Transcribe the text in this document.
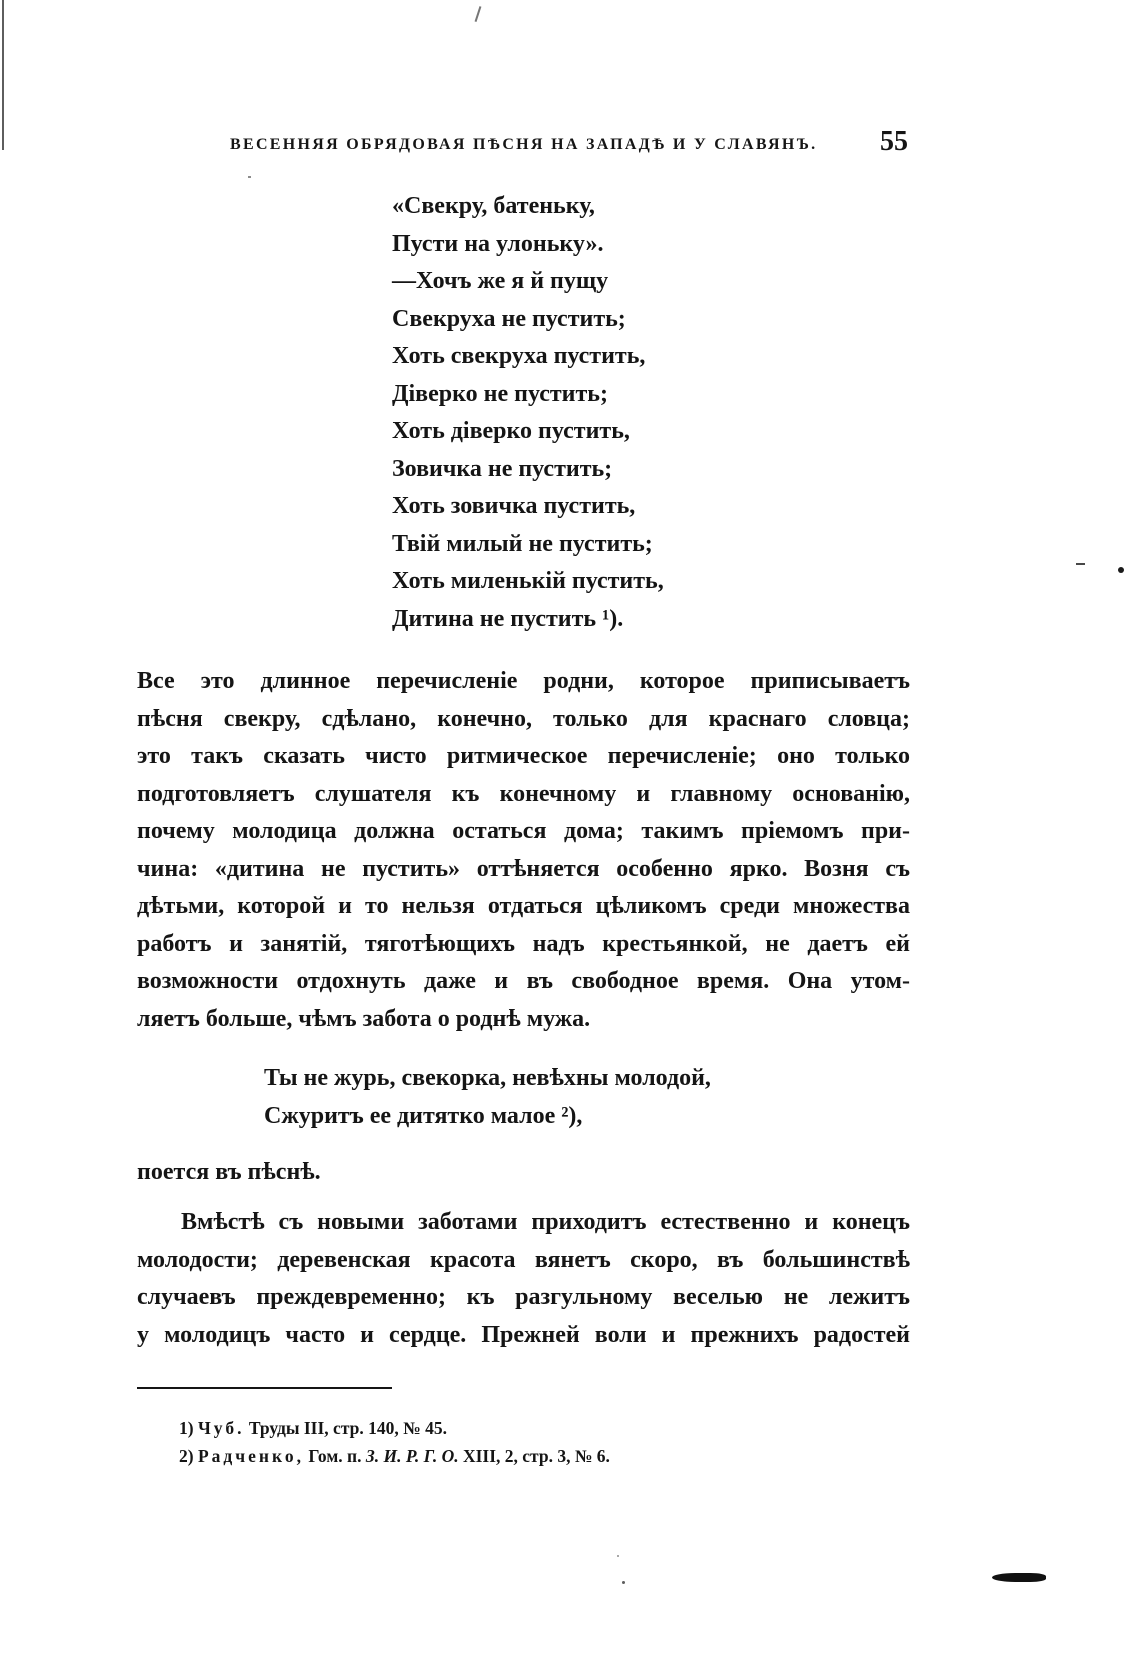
ВЕСЕННЯЯ ОБРЯДОВАЯ ПѢСНЯ НА ЗАПАДѢ И У СЛАВЯНЪ. 55
«Свекру, батеньку,
Пусти на улоньку».
—Хочъ же я й пущу
Свекруха не пустить;
Хоть свекруха пустить,
Діверко не пустить;
Хоть діверко пустить,
Зовичка не пустить;
Хоть зовичка пустить,
Твій милый не пустить;
Хоть миленькій пустить,
Дитина не пустить ¹).
Все это длинное перечисленіе родни, которое приписываетъ
пѣсня свекру, сдѣлано, конечно, только для краснаго словца;
это такъ сказать чисто ритмическое перечисленіе; оно только
подготовляетъ слушателя къ конечному и главному основанію,
почему молодица должна остаться дома; такимъ пріемомъ при-
чина: «дитина не пустить» оттѣняется особенно ярко. Возня съ
дѣтьми, которой и то нельзя отдаться цѣликомъ среди множества
работъ и занятій, тяготѣющихъ надъ крестьянкой, не даетъ ей
возможности отдохнуть даже и въ свободное время. Она утом-
ляетъ больше, чѣмъ забота о роднѣ мужа.
Ты не журь, свекорка, невѣхны молодой,
Сжуритъ ее дитятко малое ²),
поется въ пѣснѣ.
Вмѣстѣ съ новыми заботами приходитъ естественно и конецъ
молодости; деревенская красота вянетъ скоро, въ большинствѣ
случаевъ преждевременно; къ разгульному веселью не лежитъ
у молодицъ часто и сердце. Прежней воли и прежнихъ радостей
1) Чуб. Труды III, стр. 140, № 45.
2) Радченко, Гом. п. З. И. Р. Г. О. XIII, 2, стр. 3, № 6.
